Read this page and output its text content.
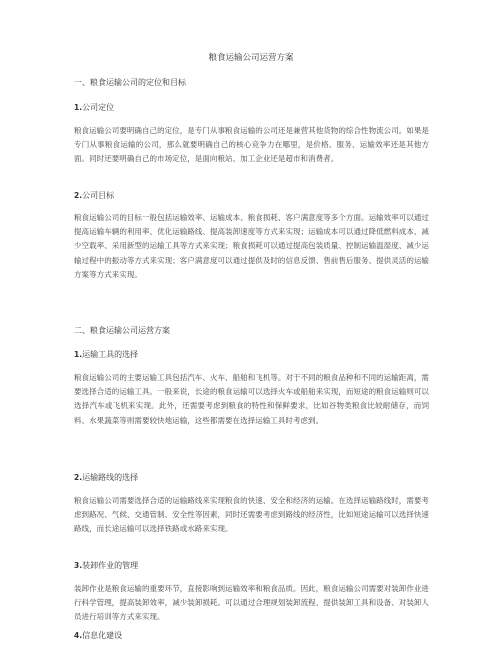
粮食运输公司运营方案
一、粮食运输公司的定位和目标
1.公司定位
粮食运输公司要明确自己的定位，是专门从事粮食运输的公司还是兼营其他货物的综合性物流公司。如果是专门从事粮食运输的公司，那么就要明确自己的核心竞争力在哪里，是价格、服务、运输效率还是其他方面。同时还要明确自己的市场定位，是面向粮站、加工企业还是超市和消费者。
2.公司目标
粮食运输公司的目标一般包括运输效率、运输成本、粮食损耗、客户满意度等多个方面。运输效率可以通过提高运输车辆的利用率、优化运输路线、提高装卸速度等方式来实现；运输成本可以通过降低燃料成本、减少空载率、采用新型的运输工具等方式来实现；粮食损耗可以通过提高包装质量、控制运输温湿度、减少运输过程中的振动等方式来实现；客户满意度可以通过提供及时的信息反馈、售前售后服务、提供灵活的运输方案等方式来实现。
二、粮食运输公司运营方案
1.运输工具的选择
粮食运输公司的主要运输工具包括汽车、火车、船舶和飞机等。对于不同的粮食品种和不同的运输距离，需要选择合适的运输工具。一般来说，长途的粮食运输可以选择火车或船舶来实现，而短途的粮食运输则可以选择汽车或飞机来实现。此外，还需要考虑到粮食的特性和保鲜要求，比如谷物类粮食比较耐储存，而饲料、水果蔬菜等则需要较快地运输，这些都需要在选择运输工具时考虑到。
2.运输路线的选择
粮食运输公司需要选择合适的运输路线来实现粮食的快速、安全和经济的运输。在选择运输路线时，需要考虑到路况、气候、交通管制、安全性等因素，同时还需要考虑到路线的经济性，比如短途运输可以选择快速路线，而长途运输可以选择铁路或水路来实现。
3.装卸作业的管理
装卸作业是粮食运输的重要环节，直接影响到运输效率和粮食品质。因此，粮食运输公司需要对装卸作业进行科学管理，提高装卸效率，减少装卸损耗。可以通过合理规划装卸流程、提供装卸工具和设备、对装卸人员进行培训等方式来实现。
4.信息化建设
